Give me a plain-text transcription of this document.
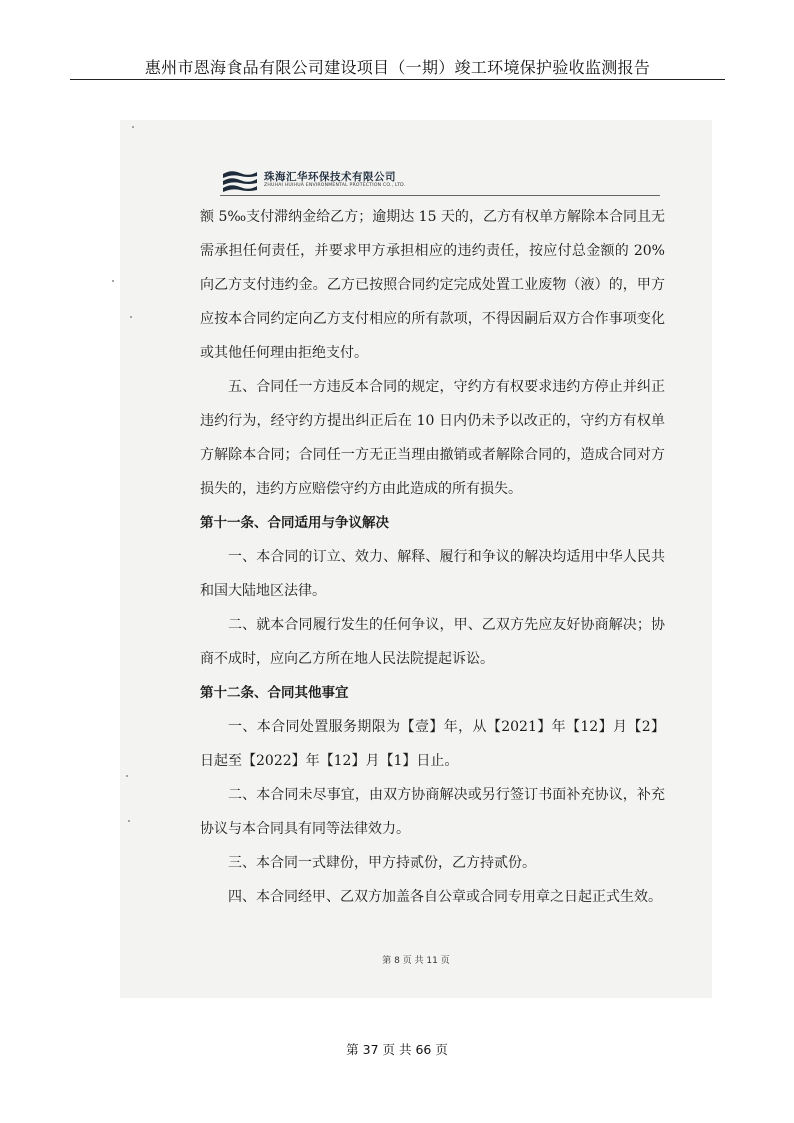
惠州市恩海食品有限公司建设项目（一期）竣工环境保护验收监测报告
珠海汇华环保技术有限公司
ZHUHAI HUIHUA ENVIRONMENTAL PROTECTION CO., LTD.

额 5‰支付滞纳金给乙方；逾期达 15 天的，乙方有权单方解除本合同且无需承担任何责任，并要求甲方承担相应的违约责任，按应付总金额的 20%向乙方支付违约金。乙方已按照合同约定完成处置工业废物（液）的，甲方应按本合同约定向乙方支付相应的所有款项，不得因嗣后双方合作事项变化或其他任何理由拒绝支付。

五、合同任一方违反本合同的规定，守约方有权要求违约方停止并纠正违约行为，经守约方提出纠正后在 10 日内仍未予以改正的，守约方有权单方解除本合同；合同任一方无正当理由撤销或者解除合同的，造成合同对方损失的，违约方应赔偿守约方由此造成的所有损失。

第十一条、合同适用与争议解决

一、本合同的订立、效力、解释、履行和争议的解决均适用中华人民共和国大陆地区法律。

二、就本合同履行发生的任何争议，甲、乙双方先应友好协商解决；协商不成时，应向乙方所在地人民法院提起诉讼。

第十二条、合同其他事宜

一、本合同处置服务期限为【壹】年，从【2021】年【12】月【2】日起至【2022】年【12】月【1】日止。

二、本合同未尽事宜，由双方协商解决或另行签订书面补充协议，补充协议与本合同具有同等法律效力。

三、本合同一式肆份，甲方持贰份，乙方持贰份。

四、本合同经甲、乙双方加盖各自公章或合同专用章之日起正式生效。

第 8 页 共 11 页
第 37 页 共 66 页
